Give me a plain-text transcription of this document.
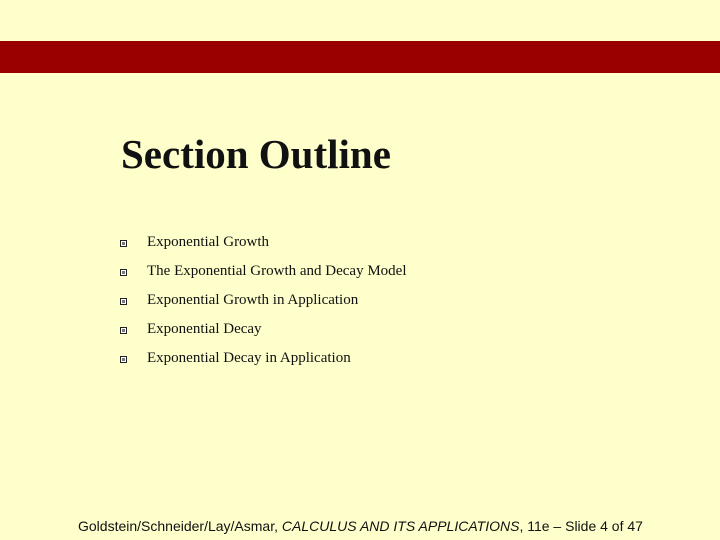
Section Outline
Exponential Growth
The Exponential Growth and Decay Model
Exponential Growth in Application
Exponential Decay
Exponential Decay in Application

Goldstein/Schneider/Lay/Asmar, CALCULUS AND ITS APPLICATIONS, 11e – Slide 4 of 47
